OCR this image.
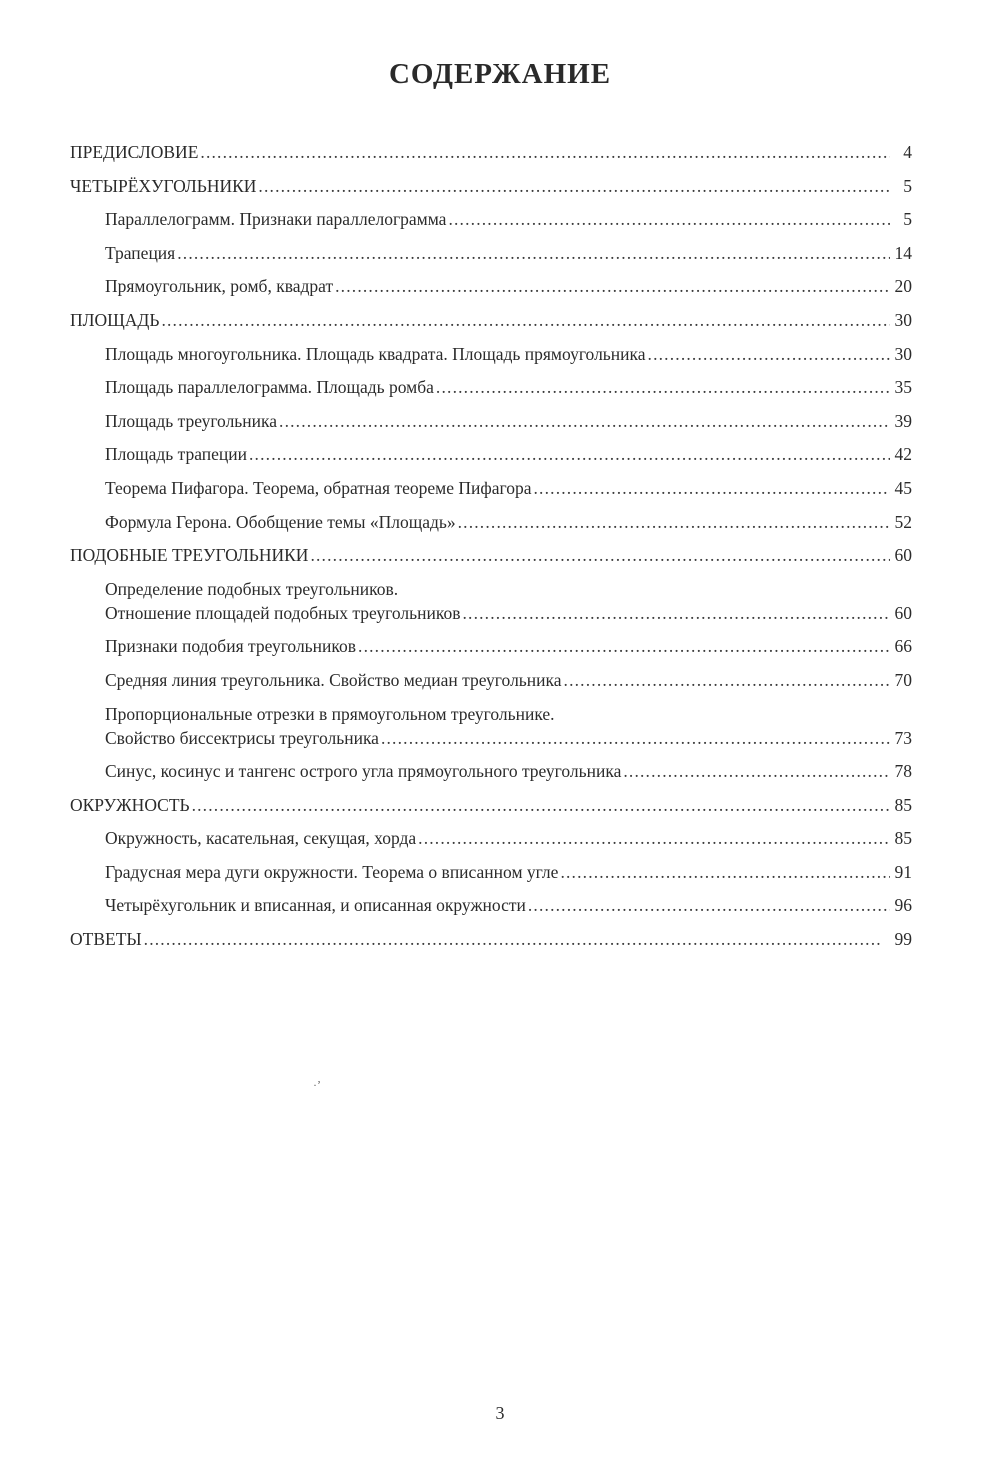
СОДЕРЖАНИЕ
ПРЕДИСЛОВИЕ . . .	4
ЧЕТЫРЁХУГОЛЬНИКИ . . .	5
Параллелограмм. Признаки параллелограмма . . .	5
Трапеция . . .	14
Прямоугольник, ромб, квадрат . . .	20
ПЛОЩАДЬ . . .	30
Площадь многоугольника. Площадь квадрата. Площадь прямоугольника . . .	30
Площадь параллелограмма. Площадь ромба . . .	35
Площадь треугольника . . .	39
Площадь трапеции . . .	42
Теорема Пифагора. Теорема, обратная теореме Пифагора . . .	45
Формула Герона. Обобщение темы «Площадь» . . .	52
ПОДОБНЫЕ ТРЕУГОЛЬНИКИ . . .	60
Определение подобных треугольников.
Отношение площадей подобных треугольников . . .	60
Признаки подобия треугольников . . .	66
Средняя линия треугольника. Свойство медиан треугольника . . .	70
Пропорциональные отрезки в прямоугольном треугольнике.
Свойство биссектрисы треугольника . . .	73
Синус, косинус и тангенс острого угла прямоугольного треугольника . . .	78
ОКРУЖНОСТЬ . . .	85
Окружность, касательная, секущая, хорда . . .	85
Градусная мера дуги окружности. Теорема о вписанном угле . . .	91
Четырёхугольник и вписанная, и описанная окружности . . .	96
ОТВЕТЫ . . .	99
·ʼ
3
